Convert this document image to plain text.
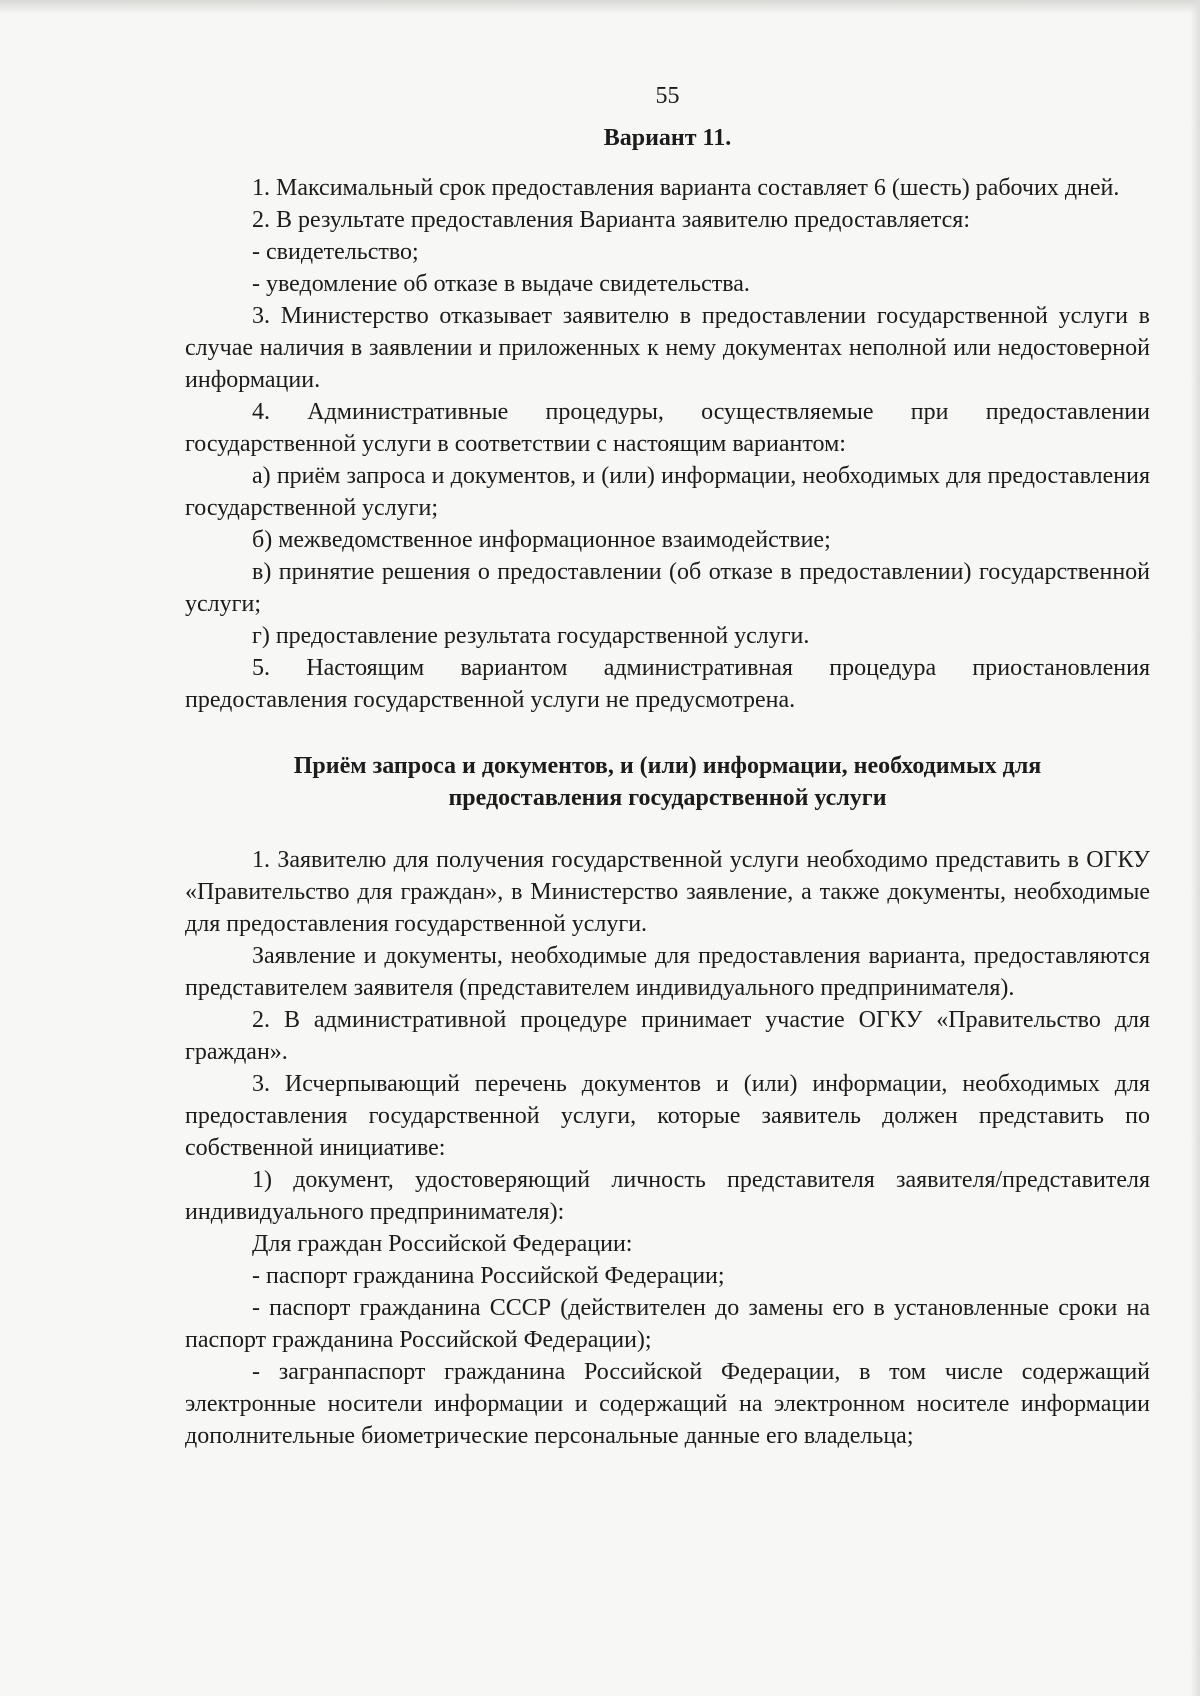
55
Вариант 11.

1. Максимальный срок предоставления варианта составляет 6 (шесть) рабочих дней.

2. В результате предоставления Варианта заявителю предоставляется:

- свидетельство;

- уведомление об отказе в выдаче свидетельства.

3. Министерство отказывает заявителю в предоставлении государственной услуги в случае наличия в заявлении и приложенных к нему документах неполной или недостоверной информации.

4. Административные процедуры, осуществляемые при предоставлении государственной услуги в соответствии с настоящим вариантом:

а) приём запроса и документов, и (или) информации, необходимых для предоставления государственной услуги;

б) межведомственное информационное взаимодействие;

в) принятие решения о предоставлении (об отказе в предоставлении) государственной услуги;

г) предоставление результата государственной услуги.

5. Настоящим вариантом административная процедура приостановления предоставления государственной услуги не предусмотрена.

Приём запроса и документов, и (или) информации, необходимых для
предоставления государственной услуги

1. Заявителю для получения государственной услуги необходимо представить в ОГКУ «Правительство для граждан», в Министерство заявление, а также документы, необходимые для предоставления государственной услуги.

Заявление и документы, необходимые для предоставления варианта, предоставляются представителем заявителя (представителем индивидуального предпринимателя).

2. В административной процедуре принимает участие ОГКУ «Правительство для граждан».

3. Исчерпывающий перечень документов и (или) информации, необходимых для предоставления государственной услуги, которые заявитель должен представить по собственной инициативе:

1) документ, удостоверяющий личность представителя заявителя/представителя индивидуального предпринимателя):

Для граждан Российской Федерации:

- паспорт гражданина Российской Федерации;

- паспорт гражданина СССР (действителен до замены его в установленные сроки на паспорт гражданина Российской Федерации);

- загранпаспорт гражданина Российской Федерации, в том числе содержащий электронные носители информации и содержащий на электронном носителе информации дополнительные биометрические персональные данные его владельца;
